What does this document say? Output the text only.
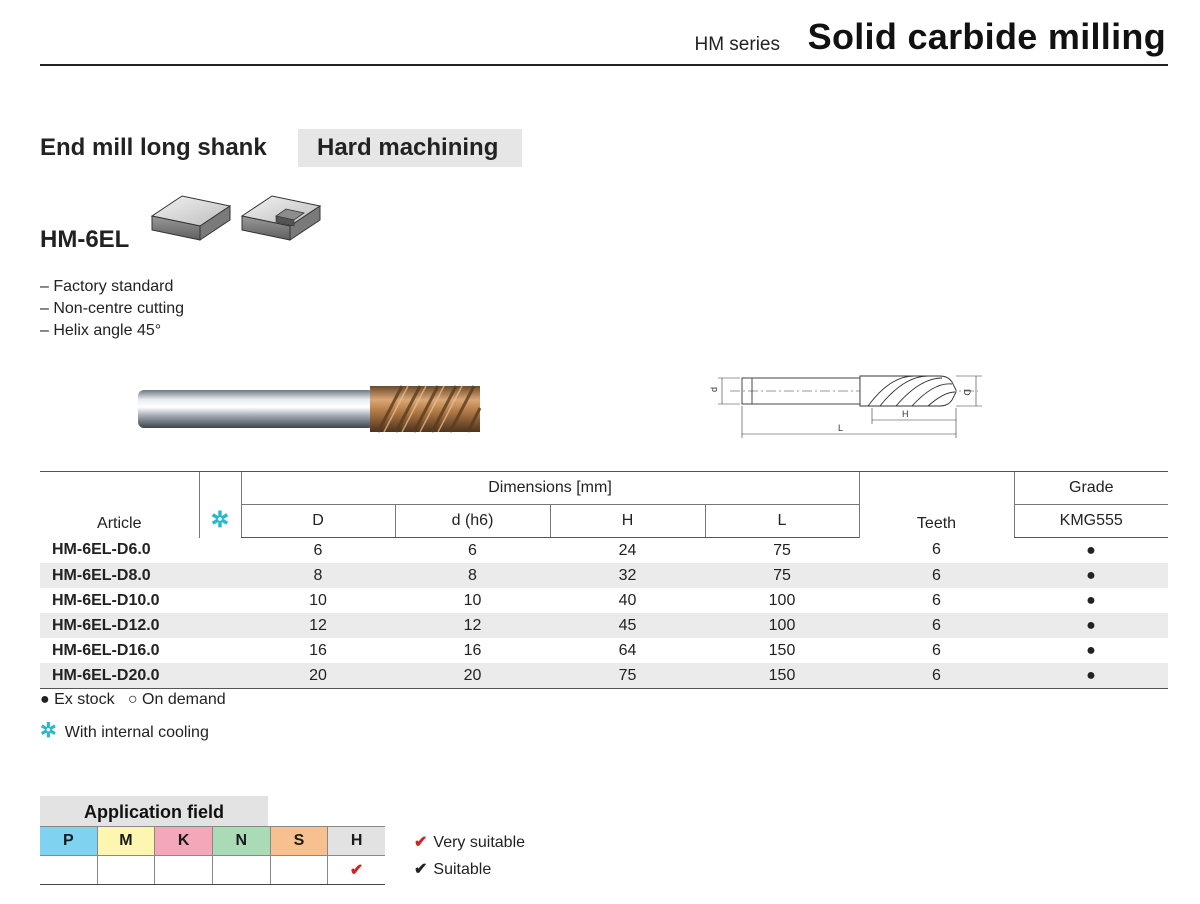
HM series Solid carbide milling
End mill long shank	Hard machining
HM-6EL
– Factory standard
– Non-centre cutting
– Helix angle 45°
d	D
H
L
Article	✲	Dimensions [mm]				Teeth	Grade
		D	d (h6)	H	L		KMG555
HM-6EL-D6.0		6	6	24	75	6	●
HM-6EL-D8.0		8	8	32	75	6	●
HM-6EL-D10.0		10	10	40	100	6	●
HM-6EL-D12.0		12	12	45	100	6	●
HM-6EL-D16.0		16	16	64	150	6	●
HM-6EL-D20.0		20	20	75	150	6	●
● Ex stock ○ On demand
✲ With internal cooling
Application field
P	M	K	N	S	H
					✔
✔ Very suitable
✔ Suitable
